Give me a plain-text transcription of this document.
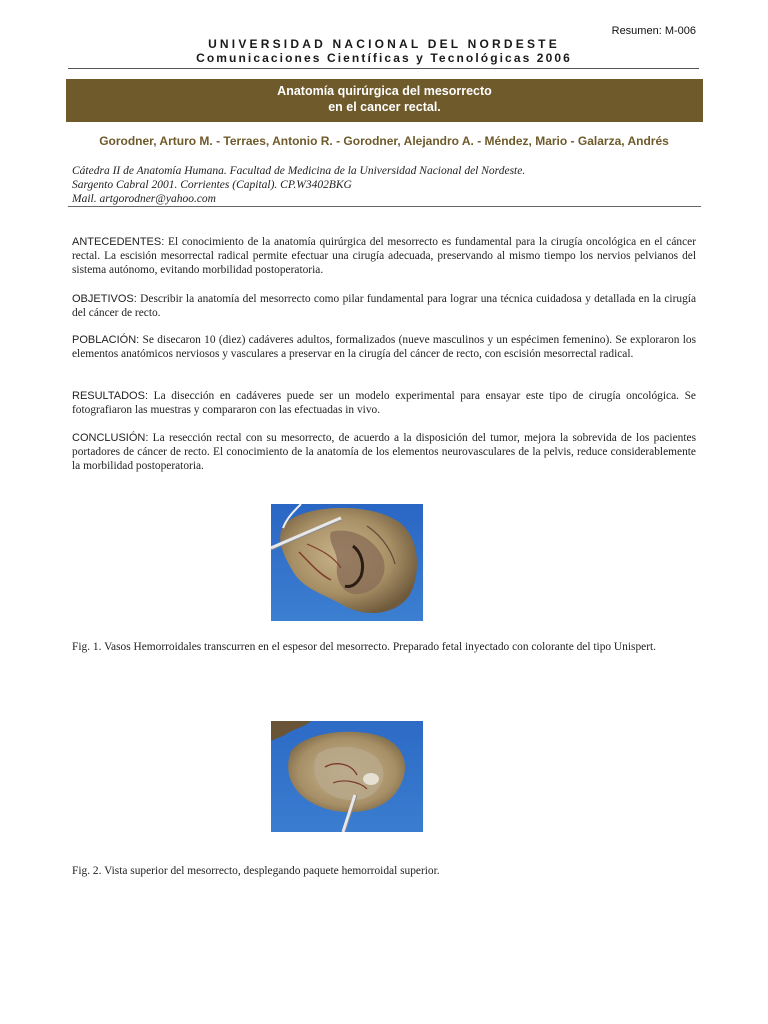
Resumen: M-006
UNIVERSIDAD NACIONAL DEL NORDESTE
Comunicaciones Científicas y Tecnológicas 2006
Anatomía quirúrgica del mesorrecto
en el cancer rectal.
Gorodner, Arturo M. - Terraes, Antonio R. - Gorodner, Alejandro A. - Méndez, Mario - Galarza, Andrés
Cátedra II de Anatomía Humana. Facultad de Medicina de la Universidad Nacional del Nordeste.
Sargento Cabral 2001. Corrientes (Capital). CP.W3402BKG
Mail. artgorodner@yahoo.com
ANTECEDENTES: El conocimiento de la anatomía quirúrgica del mesorrecto es fundamental para la cirugía oncológica en el cáncer rectal. La escisión mesorrectal radical permite efectuar una cirugía adecuada, preservando al mismo tiempo los nervios pelvianos del sistema autónomo, evitando morbilidad postoperatoria.
OBJETIVOS: Describir la anatomía del mesorrecto como pilar fundamental para lograr una técnica cuidadosa y detallada en la cirugía del cáncer de recto.
POBLACIÓN: Se disecaron 10 (diez) cadáveres adultos, formalizados (nueve masculinos y un espécimen femenino). Se exploraron los elementos anatómicos nerviosos y vasculares a preservar en la cirugía del cáncer de recto, con escisión mesorrectal radical.
RESULTADOS: La disección en cadáveres puede ser un modelo experimental para ensayar este tipo de cirugía oncológica. Se fotografiaron las muestras y compararon con las efectuadas in vivo.
CONCLUSIÓN: La resección rectal con su mesorrecto, de acuerdo a la disposición del tumor, mejora la sobrevida de los pacientes portadores de cáncer de recto. El conocimiento de la anatomía de los elementos neurovasculares de la pelvis, reduce considerablemente la morbilidad postoperatoria.
Fig. 1. Vasos Hemorroidales transcurren en el espesor del mesorrecto. Preparado fetal inyectado con colorante del tipo Unispert.
Fig. 2. Vista superior del mesorrecto, desplegando paquete hemorroidal superior.
